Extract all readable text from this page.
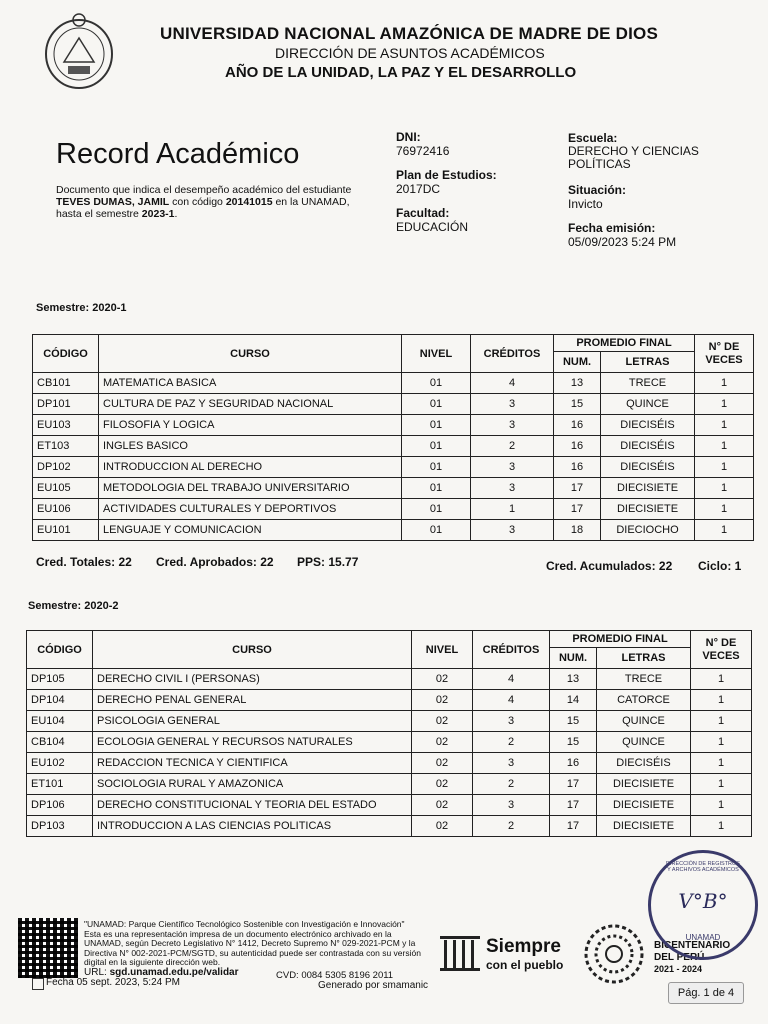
UNIVERSIDAD NACIONAL AMAZÓNICA DE MADRE DE DIOS
DIRECCIÓN DE ASUNTOS ACADÉMICOS
AÑO DE LA UNIDAD, LA PAZ Y EL DESARROLLO
Record Académico
Documento que indica el desempeño académico del estudiante TEVES DUMAS, JAMIL con código 20141015 en la UNAMAD, hasta el semestre 2023-1.
DNI:
76972416
Plan de Estudios:
2017DC
Facultad:
EDUCACIÓN
Escuela:
DERECHO Y CIENCIAS POLÍTICAS
Situación:
Invicto
Fecha emisión:
05/09/2023 5:24 PM
Semestre: 2020-1
CÓDIGO	CURSO	NIVEL	CRÉDITOS	PROMEDIO FINAL		N° DE VECES
				NUM.	LETRAS	
CB101	MATEMATICA BASICA	01	4	13	TRECE	1
DP101	CULTURA DE PAZ Y SEGURIDAD NACIONAL	01	3	15	QUINCE	1
EU103	FILOSOFIA Y LOGICA	01	3	16	DIECISÉIS	1
ET103	INGLES BASICO	01	2	16	DIECISÉIS	1
DP102	INTRODUCCION AL DERECHO	01	3	16	DIECISÉIS	1
EU105	METODOLOGIA DEL TRABAJO UNIVERSITARIO	01	3	17	DIECISIETE	1
EU106	ACTIVIDADES CULTURALES Y DEPORTIVOS	01	1	17	DIECISIETE	1
EU101	LENGUAJE Y COMUNICACION	01	3	18	DIECIOCHO	1
Cred. Totales: 22 Cred. Aprobados: 22 PPS: 15.77	Cred. Acumulados: 22 Ciclo: 1
Semestre: 2020-2
CÓDIGO	CURSO	NIVEL	CRÉDITOS	PROMEDIO FINAL		N° DE VECES
				NUM.	LETRAS	
DP105	DERECHO CIVIL I (PERSONAS)	02	4	13	TRECE	1
DP104	DERECHO PENAL GENERAL	02	4	14	CATORCE	1
EU104	PSICOLOGIA GENERAL	02	3	15	QUINCE	1
CB104	ECOLOGIA GENERAL Y RECURSOS NATURALES	02	2	15	QUINCE	1
EU102	REDACCION TECNICA Y CIENTIFICA	02	3	16	DIECISÉIS	1
ET101	SOCIOLOGIA RURAL Y AMAZONICA	02	2	17	DIECISIETE	1
DP106	DERECHO CONSTITUCIONAL Y TEORIA DEL ESTADO	02	3	17	DIECISIETE	1
DP103	INTRODUCCION A LAS CIENCIAS POLITICAS	02	2	17	DIECISIETE	1
"UNAMAD: Parque Científico Tecnológico Sostenible con Investigación e Innovación"
Esta es una representación impresa de un documento electrónico archivado en la UNAMAD, según Decreto Legislativo N° 1412, Decreto Supremo N° 029-2021-PCM y la Directiva N° 002-2021-PCM/SGTD, su autenticidad puede ser contrastada con su versión digital en la siguiente dirección web.
URL: sgd.unamad.edu.pe/validar	CVD: 0084 5305 8196 2011
Fecha 05 sept. 2023, 5:24 PM	Generado por smamanic
Siempre
con el pueblo
BICENTENARIO
DEL PERÚ
2021 - 2024
DIRECCIÓN DE REGISTROS Y ARCHIVOS ACADÉMICOS
V°B°
UNAMAD
Pág. 1 de 4
